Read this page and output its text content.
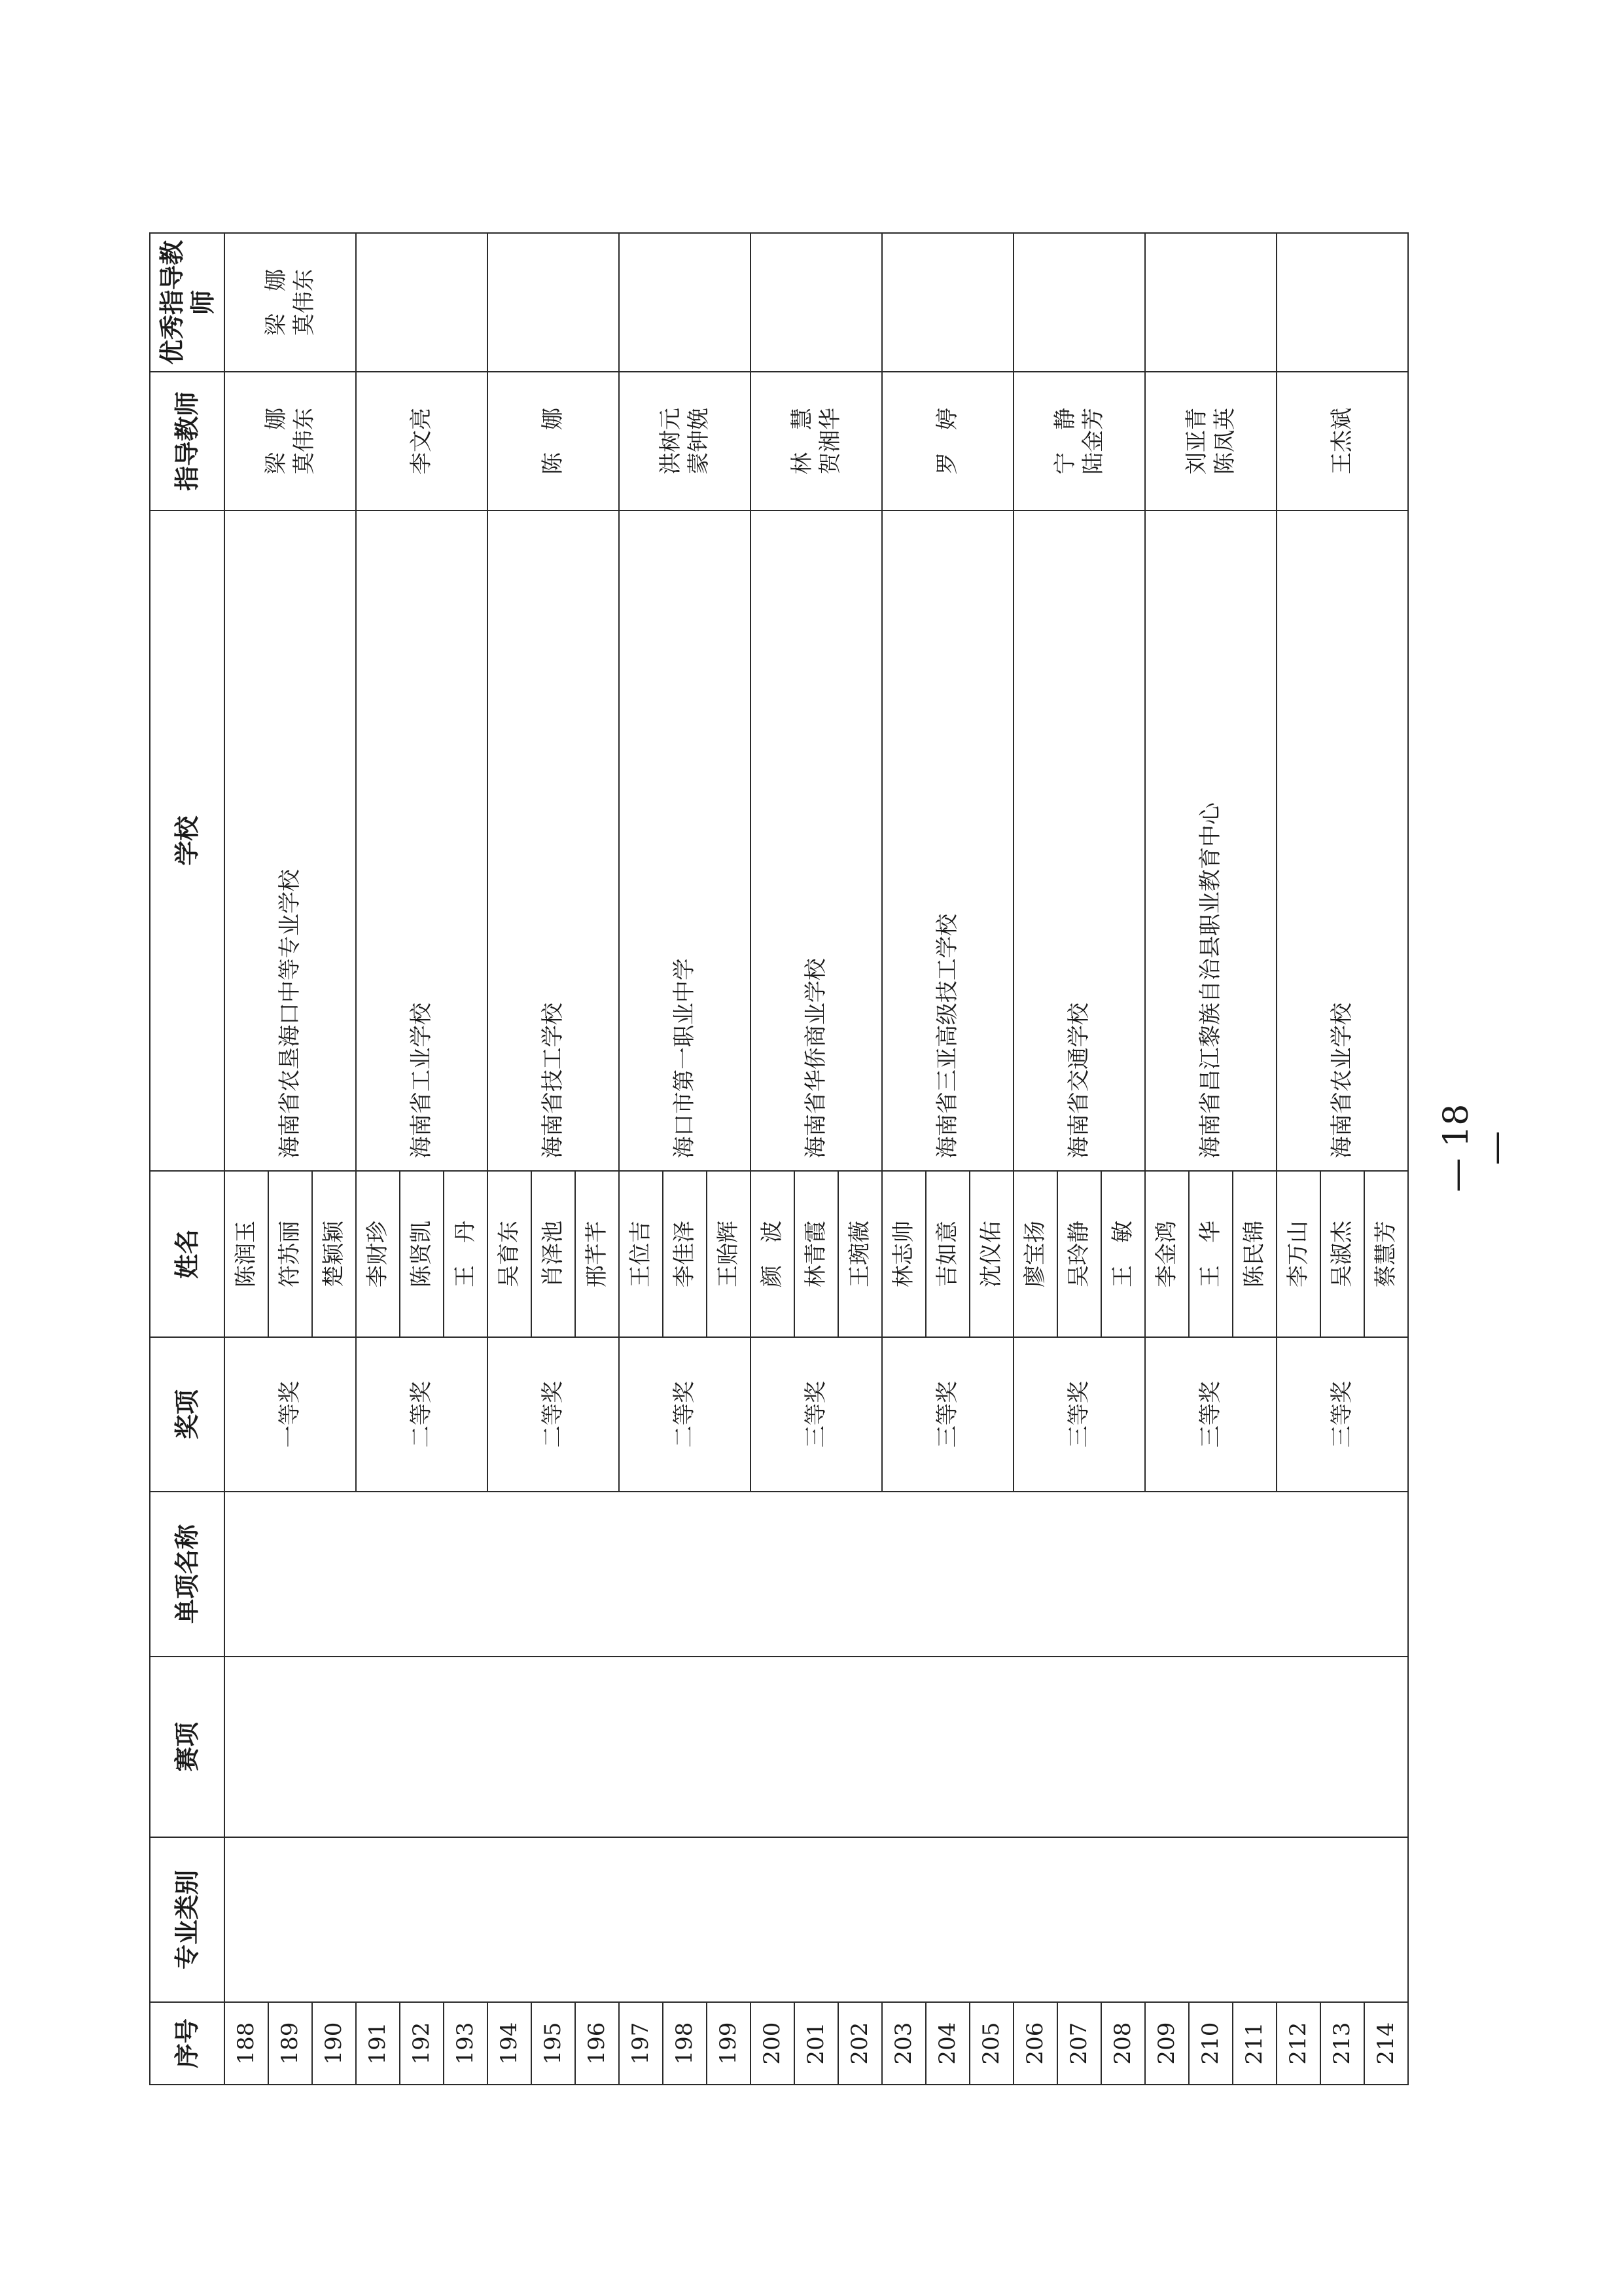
序号	专业类别	赛项	单项名称	奖项	姓名	学校	指导教师	优秀指导教师
188				一等奖	陈润玉	海南省农垦海口中等专业学校	梁　娜 莫伟东	梁　娜 莫伟东

189					符苏丽			
190					楚颖颖			
191				二等奖	李财珍	海南省工业学校	李文亮	

192					陈贤凯			
193					王　丹			
194				二等奖	吴育东	海南省技工学校	陈　娜	

195					肖泽池			
196					邢芊芊			
197				二等奖	王位吉	海口市第一职业中学	洪树元 蒙钟娩	

198					李佳泽			
199					王贻辉			
200				三等奖	颜　波	海南省华侨商业学校	林　慧 贺湘华	

201					林青霞			
202					王琬薇			
203				三等奖	林志帅	海南省三亚高级技工学校	罗　婷	

204					吉如意			
205					沈仪佑			
206				三等奖	廖宝扬	海南省交通学校	宁　静 陆金芳	

207					吴玲静			
208					王　敏			
209				三等奖	李金鸿	海南省昌江黎族自治县职业教育中心	刘亚青 陈凤英	

210					王　华			
211					陈民锦			
212				三等奖	李万山	海南省农业学校	王杰斌	

213					吴淑杰			
214					蔡慧芳			
— 18 —
